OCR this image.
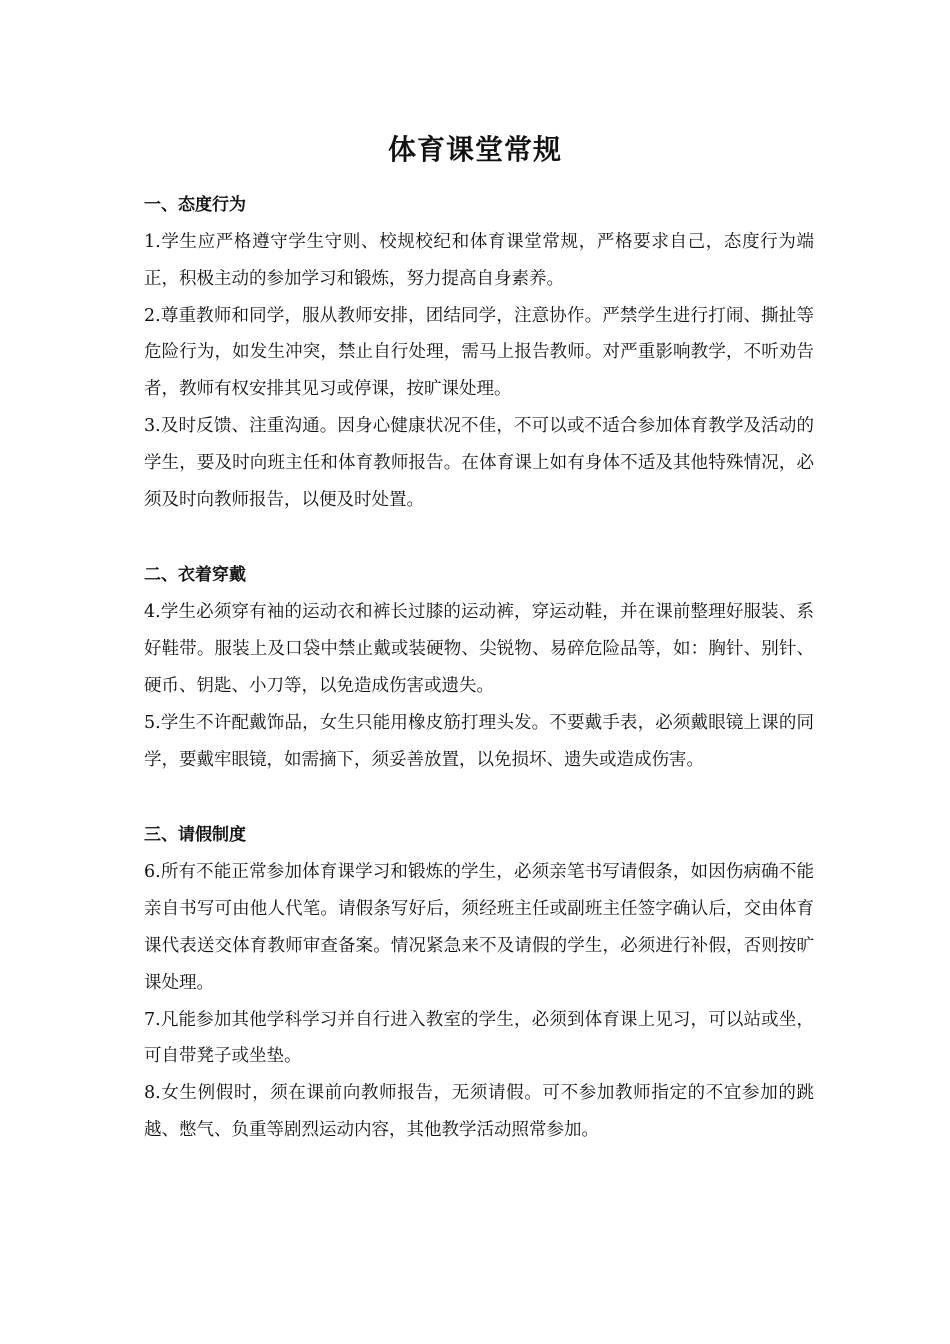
体育课堂常规

一、态度行为

1.学生应严格遵守学生守则、校规校纪和体育课堂常规，严格要求自己，态度行为端正，积极主动的参加学习和锻炼，努力提高自身素养。

2.尊重教师和同学，服从教师安排，团结同学，注意协作。严禁学生进行打闹、撕扯等危险行为，如发生冲突，禁止自行处理，需马上报告教师。对严重影响教学，不听劝告者，教师有权安排其见习或停课，按旷课处理。

3.及时反馈、注重沟通。因身心健康状况不佳，不可以或不适合参加体育教学及活动的学生，要及时向班主任和体育教师报告。在体育课上如有身体不适及其他特殊情况，必须及时向教师报告，以便及时处置。

二、衣着穿戴

4.学生必须穿有袖的运动衣和裤长过膝的运动裤，穿运动鞋，并在课前整理好服装、系好鞋带。服装上及口袋中禁止戴或装硬物、尖锐物、易碎危险品等，如：胸针、别针、硬币、钥匙、小刀等，以免造成伤害或遗失。

5.学生不许配戴饰品，女生只能用橡皮筋打理头发。不要戴手表，必须戴眼镜上课的同学，要戴牢眼镜，如需摘下，须妥善放置，以免损坏、遗失或造成伤害。

三、请假制度

6.所有不能正常参加体育课学习和锻炼的学生，必须亲笔书写请假条，如因伤病确不能亲自书写可由他人代笔。请假条写好后，须经班主任或副班主任签字确认后，交由体育课代表送交体育教师审查备案。情况紧急来不及请假的学生，必须进行补假，否则按旷课处理。

7.凡能参加其他学科学习并自行进入教室的学生，必须到体育课上见习，可以站或坐，可自带凳子或坐垫。

8.女生例假时，须在课前向教师报告，无须请假。可不参加教师指定的不宜参加的跳越、憋气、负重等剧烈运动内容，其他教学活动照常参加。
